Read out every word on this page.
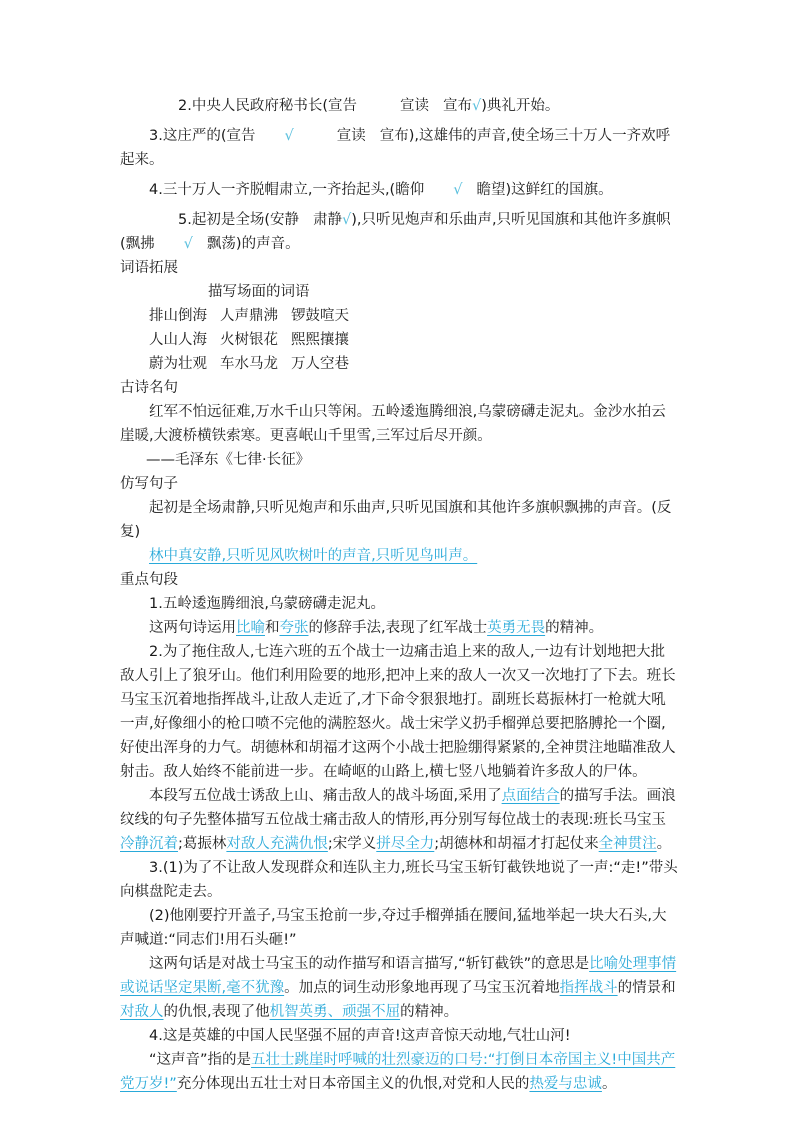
2.中央人民政府秘书长(宣告	宣读 宣布√)典礼开始。

3.这庄严的(宣告 √	宣读 宣布),这雄伟的声音,使全场三十万人一齐欢呼起来。

4.三十万人一齐脱帽肃立,一齐抬起头,(瞻仰 √ 瞻望)这鲜红的国旗。

5.起初是全场(安静 肃静√),只听见炮声和乐曲声,只听见国旗和其他许多旗帜(飘拂 √ 飘荡)的声音。

词语拓展

描写场面的词语

排山倒海 人声鼎沸 锣鼓喧天

人山人海 火树银花 熙熙攘攘

蔚为壮观 车水马龙 万人空巷

古诗名句

红军不怕远征难,万水千山只等闲。五岭逶迤腾细浪,乌蒙磅礴走泥丸。金沙水拍云崖暖,大渡桥横铁索寒。更喜岷山千里雪,三军过后尽开颜。——毛泽东《七律·长征》

仿写句子

起初是全场肃静,只听见炮声和乐曲声,只听见国旗和其他许多旗帜飘拂的声音。(反复)

林中真安静,只听见风吹树叶的声音,只听见鸟叫声。

重点句段

1.五岭逶迤腾细浪,乌蒙磅礴走泥丸。

这两句诗运用比喻和夸张的修辞手法,表现了红军战士英勇无畏的精神。

2.为了拖住敌人,七连六班的五个战士一边痛击追上来的敌人,一边有计划地把大批敌人引上了狼牙山。他们利用险要的地形,把冲上来的敌人一次又一次地打了下去。班长马宝玉沉着地指挥战斗,让敌人走近了,才下命令狠狠地打。副班长葛振林打一枪就大吼一声,好像细小的枪口喷不完他的满腔怒火。战士宋学义扔手榴弹总要把胳膊抡一个圈,好使出浑身的力气。胡德林和胡福才这两个小战士把脸绷得紧紧的,全神贯注地瞄准敌人射击。敌人始终不能前进一步。在崎岖的山路上,横七竖八地躺着许多敌人的尸体。

本段写五位战士诱敌上山、痛击敌人的战斗场面,采用了点面结合的描写手法。画浪纹线的句子先整体描写五位战士痛击敌人的情形,再分别写每位战士的表现:班长马宝玉冷静沉着;葛振林对敌人充满仇恨;宋学义拼尽全力;胡德林和胡福才打起仗来全神贯注。

3.(1)为了不让敌人发现群众和连队主力,班长马宝玉斩钉截铁地说了一声:“走!”带头向棋盘陀走去。

(2)他刚要拧开盖子,马宝玉抢前一步,夺过手榴弹插在腰间,猛地举起一块大石头,大声喊道:“同志们!用石头砸!”

这两句话是对战士马宝玉的动作描写和语言描写,“斩钉截铁”的意思是比喻处理事情或说话坚定果断,毫不犹豫。加点的词生动形象地再现了马宝玉沉着地指挥战斗的情景和对敌人的仇恨,表现了他机智英勇、顽强不屈的精神。

4.这是英雄的中国人民坚强不屈的声音!这声音惊天动地,气壮山河!

“这声音”指的是五壮士跳崖时呼喊的壮烈豪迈的口号:“打倒日本帝国主义!中国共产党万岁!”充分体现出五壮士对日本帝国主义的仇恨,对党和人民的热爱与忠诚。
